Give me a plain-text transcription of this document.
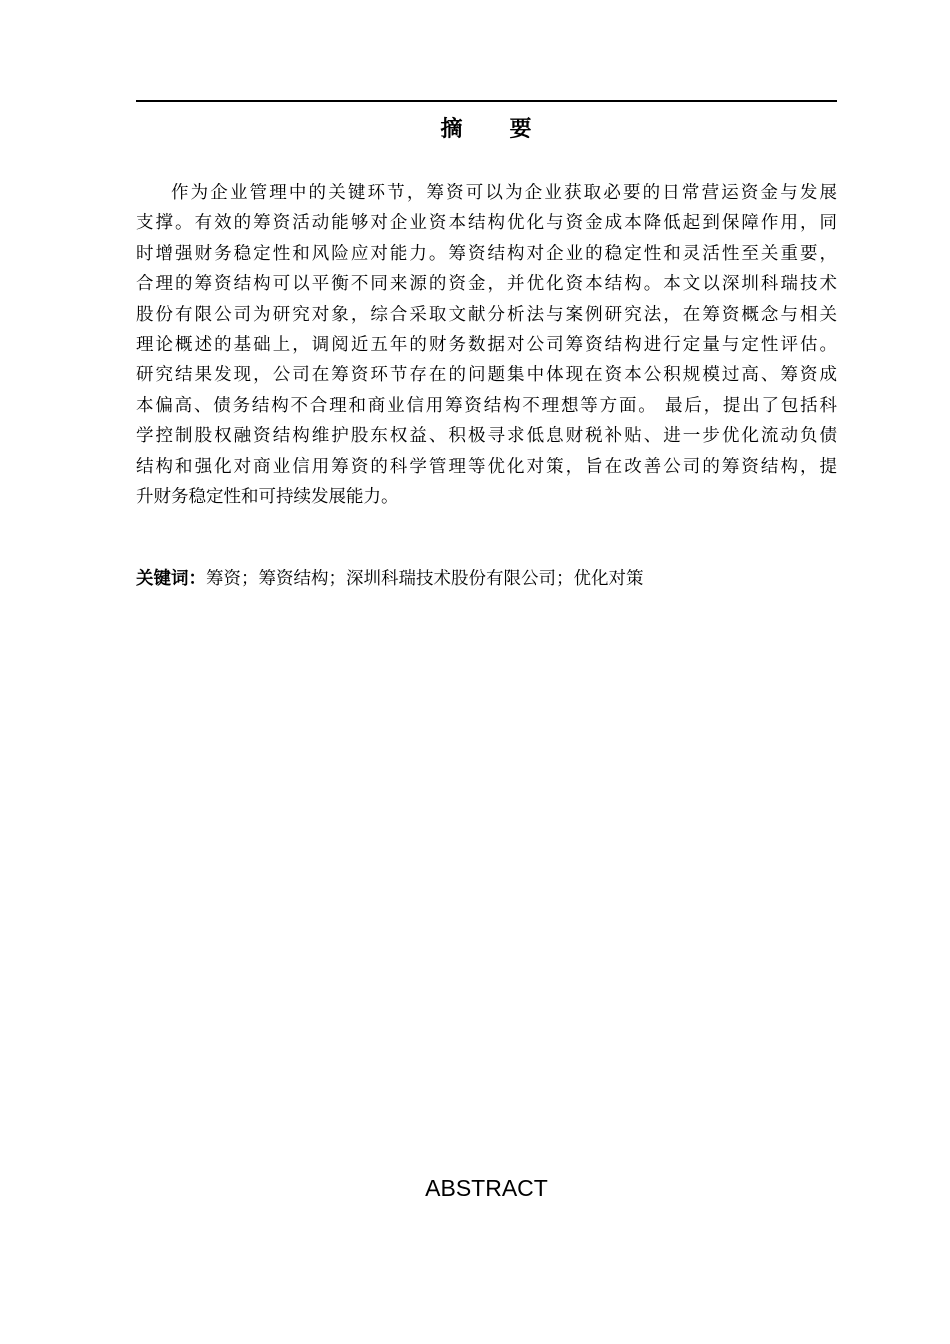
摘　　要
作为企业管理中的关键环节，筹资可以为企业获取必要的日常营运资金与发展
支撑。有效的筹资活动能够对企业资本结构优化与资金成本降低起到保障作用，同
时增强财务稳定性和风险应对能力。筹资结构对企业的稳定性和灵活性至关重要，
合理的筹资结构可以平衡不同来源的资金，并优化资本结构。本文以深圳科瑞技术
股份有限公司为研究对象，综合采取文献分析法与案例研究法，在筹资概念与相关
理论概述的基础上，调阅近五年的财务数据对公司筹资结构进行定量与定性评估。
研究结果发现，公司在筹资环节存在的问题集中体现在资本公积规模过高、筹资成
本偏高、债务结构不合理和商业信用筹资结构不理想等方面。 最后，提出了包括科
学控制股权融资结构维护股东权益、积极寻求低息财税补贴、进一步优化流动负债
结构和强化对商业信用筹资的科学管理等优化对策，旨在改善公司的筹资结构，提
升财务稳定性和可持续发展能力。
关键词：筹资；筹资结构；深圳科瑞技术股份有限公司；优化对策
ABSTRACT
